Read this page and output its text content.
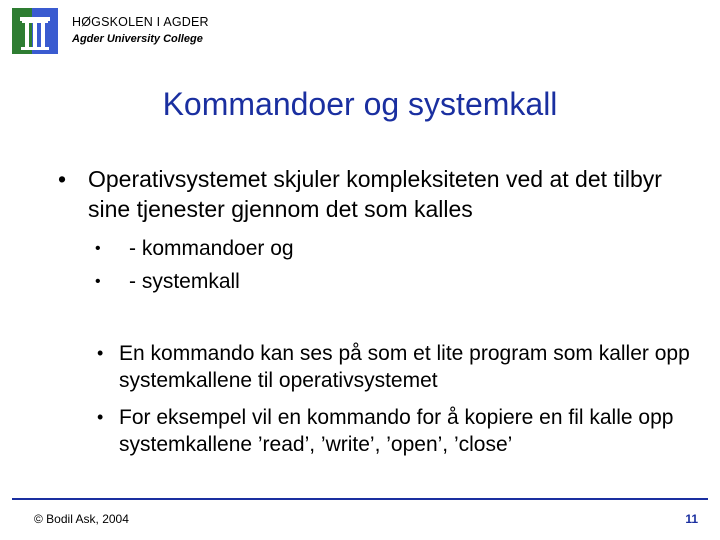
HØGSKOLEN I AGDER
Agder University College
Kommandoer og systemkall
• Operativsystemet skjuler kompleksiteten ved at det tilbyr sine tjenester gjennom det som kalles
• - kommandoer og
• - systemkall
• En kommando kan ses på som et lite program som kaller opp systemkallene til operativsystemet
• For eksempel vil en kommando for å kopiere en fil kalle opp systemkallene ’read’, ’write’, ’open’, ’close’
© Bodil Ask, 2004	11
